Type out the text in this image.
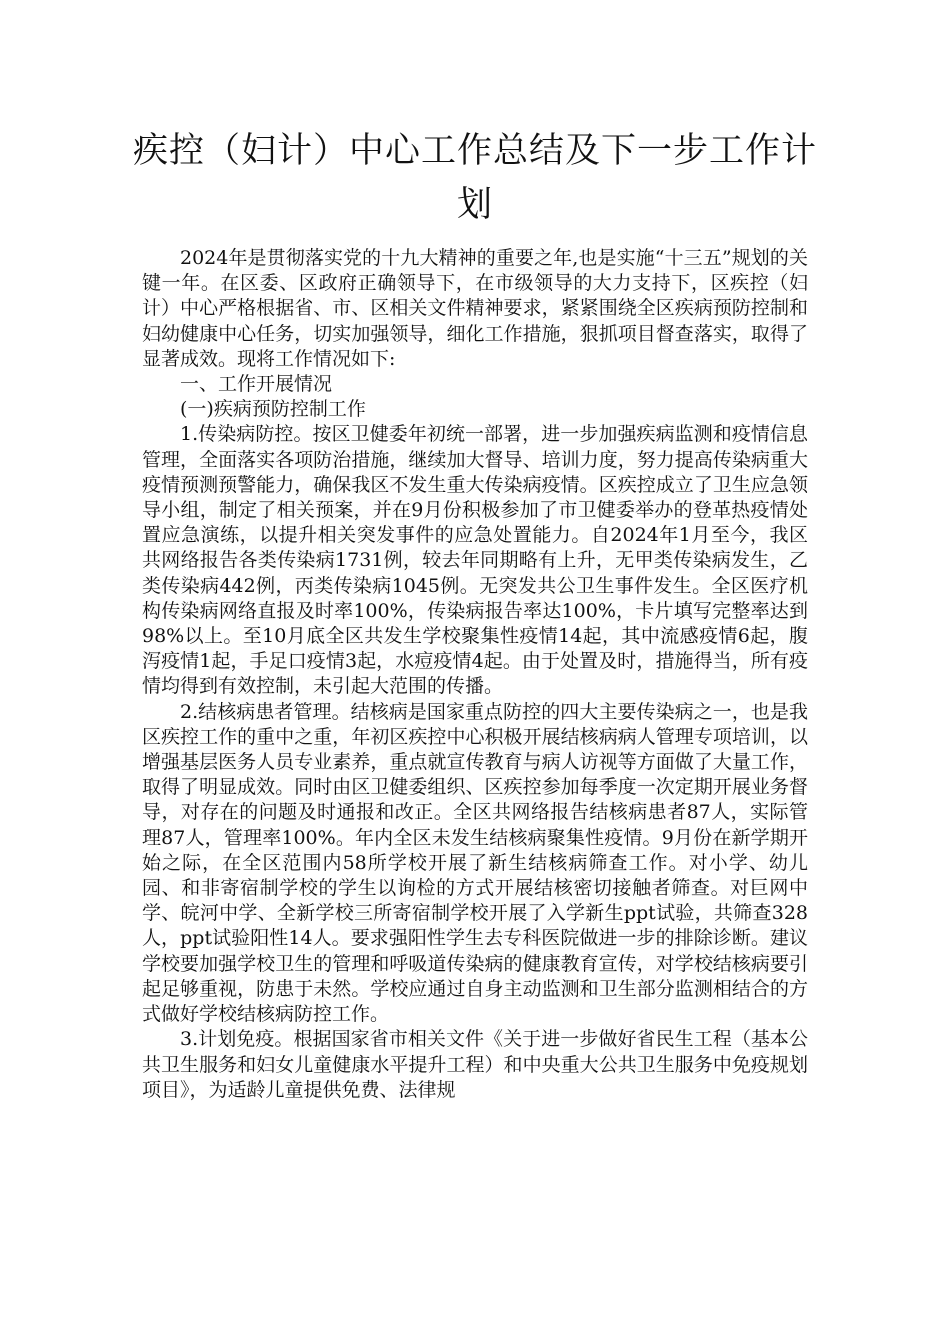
疾控（妇计）中心工作总结及下一步工作计划

2024年是贯彻落实党的十九大精神的重要之年,也是实施“十三五”规划的关键一年。在区委、区政府正确领导下，在市级领导的大力支持下，区疾控（妇计）中心严格根据省、市、区相关文件精神要求，紧紧围绕全区疾病预防控制和妇幼健康中心任务，切实加强领导，细化工作措施，狠抓项目督查落实，取得了显著成效。现将工作情况如下:

一、工作开展情况

(一)疾病预防控制工作

1.传染病防控。按区卫健委年初统一部署，进一步加强疾病监测和疫情信息管理，全面落实各项防治措施，继续加大督导、培训力度，努力提高传染病重大疫情预测预警能力，确保我区不发生重大传染病疫情。区疾控成立了卫生应急领导小组，制定了相关预案，并在9月份积极参加了市卫健委举办的登革热疫情处置应急演练，以提升相关突发事件的应急处置能力。自2024年1月至今，我区共网络报告各类传染病1731例，较去年同期略有上升，无甲类传染病发生，乙类传染病442例，丙类传染病1045例。无突发共公卫生事件发生。全区医疗机构传染病网络直报及时率100%，传染病报告率达100%，卡片填写完整率达到98%以上。至10月底全区共发生学校聚集性疫情14起，其中流感疫情6起，腹泻疫情1起，手足口疫情3起，水痘疫情4起。由于处置及时，措施得当，所有疫情均得到有效控制，未引起大范围的传播。

2.结核病患者管理。结核病是国家重点防控的四大主要传染病之一，也是我区疾控工作的重中之重，年初区疾控中心积极开展结核病病人管理专项培训，以增强基层医务人员专业素养，重点就宣传教育与病人访视等方面做了大量工作，取得了明显成效。同时由区卫健委组织、区疾控参加每季度一次定期开展业务督导，对存在的问题及时通报和改正。全区共网络报告结核病患者87人，实际管理87人，管理率100%。年内全区未发生结核病聚集性疫情。9月份在新学期开始之际，在全区范围内58所学校开展了新生结核病筛查工作。对小学、幼儿园、和非寄宿制学校的学生以询检的方式开展结核密切接触者筛查。对巨网中学、皖河中学、全新学校三所寄宿制学校开展了入学新生ppt试验，共筛查328人，ppt试验阳性14人。要求强阳性学生去专科医院做进一步的排除诊断。建议学校要加强学校卫生的管理和呼吸道传染病的健康教育宣传，对学校结核病要引起足够重视，防患于未然。学校应通过自身主动监测和卫生部分监测相结合的方式做好学校结核病防控工作。

3.计划免疫。根据国家省市相关文件《关于进一步做好省民生工程（基本公共卫生服务和妇女儿童健康水平提升工程）和中央重大公共卫生服务中免疫规划项目》，为适龄儿童提供免费、法律规
